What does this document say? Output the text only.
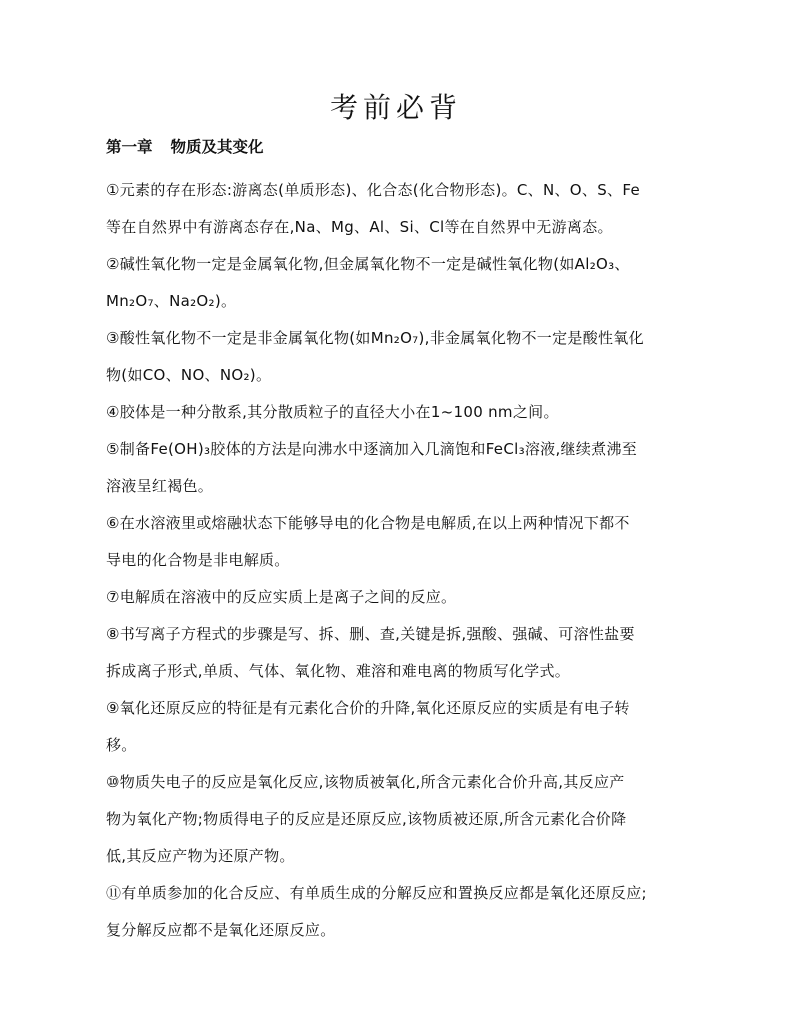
考前必背
第一章 物质及其变化

①元素的存在形态:游离态(单质形态)、化合态(化合物形态)。C、N、O、S、Fe

等在自然界中有游离态存在,Na、Mg、Al、Si、Cl等在自然界中无游离态。

②碱性氧化物一定是金属氧化物,但金属氧化物不一定是碱性氧化物(如Al₂O₃、

Mn₂O₇、Na₂O₂)。

③酸性氧化物不一定是非金属氧化物(如Mn₂O₇),非金属氧化物不一定是酸性氧化

物(如CO、NO、NO₂)。

④胶体是一种分散系,其分散质粒子的直径大小在1~100 nm之间。

⑤制备Fe(OH)₃胶体的方法是向沸水中逐滴加入几滴饱和FeCl₃溶液,继续煮沸至

溶液呈红褐色。

⑥在水溶液里或熔融状态下能够导电的化合物是电解质,在以上两种情况下都不

导电的化合物是非电解质。

⑦电解质在溶液中的反应实质上是离子之间的反应。

⑧书写离子方程式的步骤是写、拆、删、查,关键是拆,强酸、强碱、可溶性盐要

拆成离子形式,单质、气体、氧化物、难溶和难电离的物质写化学式。

⑨氧化还原反应的特征是有元素化合价的升降,氧化还原反应的实质是有电子转

移。

⑩物质失电子的反应是氧化反应,该物质被氧化,所含元素化合价升高,其反应产

物为氧化产物;物质得电子的反应是还原反应,该物质被还原,所含元素化合价降

低,其反应产物为还原产物。

⑪有单质参加的化合反应、有单质生成的分解反应和置换反应都是氧化还原反应;

复分解反应都不是氧化还原反应。
